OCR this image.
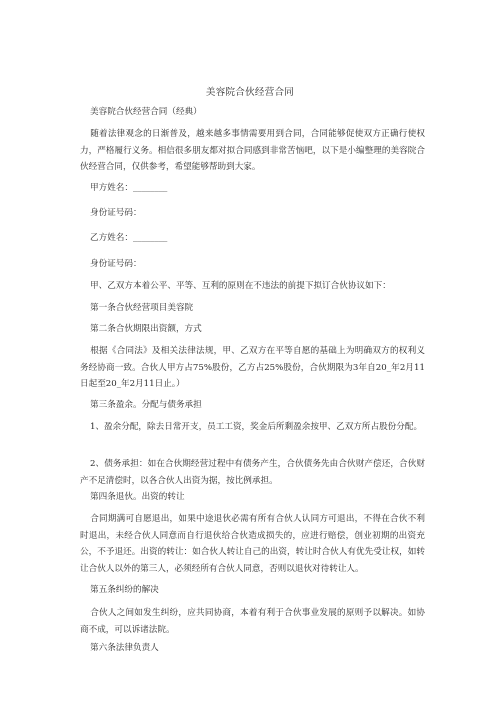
美容院合伙经营合同
美容院合伙经营合同（经典）
随着法律观念的日渐普及，越来越多事情需要用到合同，合同能够促使双方正确行使权力，严格履行义务。相信很多朋友都对拟合同感到非常苦恼吧，以下是小编整理的美容院合伙经营合同，仅供参考，希望能够帮助到大家。
甲方姓名：________
身份证号码：
乙方姓名：________
身份证号码：
甲、乙双方本着公平、平等、互利的原则在不违法的前提下拟订合伙协议如下：
第一条合伙经营项目美容院
第二条合伙期限出资额，方式
根据《合同法》及相关法律法规，甲、乙双方在平等自愿的基础上为明确双方的权利义务经协商一致。合伙人甲方占75%股份，乙方占25%股份，合伙期限为3年自20_年2月11日起至20_年2月11日止。）
第三条盈余。分配与债务承担
1、盈余分配，除去日常开支，员工工资，奖金后所剩盈余按甲、乙双方所占股份分配。
2、债务承担：如在合伙期经营过程中有债务产生，合伙债务先由合伙财产偿还，合伙财产不足清偿时，以各合伙人出资为据，按比例承担。
第四条退伙。出资的转让
合同期满可自愿退出，如果中途退伙必需有所有合伙人认同方可退出，不得在合伙不利时退出，未经合伙人同意而自行退伙给合伙造成损失的，应进行赔偿，创业初期的出资充公，不予退还。出资的转让：如合伙人转让自己的出资，转让时合伙人有优先受让权，如转让合伙人以外的第三人，必须经所有合伙人同意，否则以退伙对待转让人。
第五条纠纷的解决
合伙人之间如发生纠纷，应共同协商，本着有利于合伙事业发展的原则予以解决。如协商不成，可以诉诸法院。
第六条法律负责人
